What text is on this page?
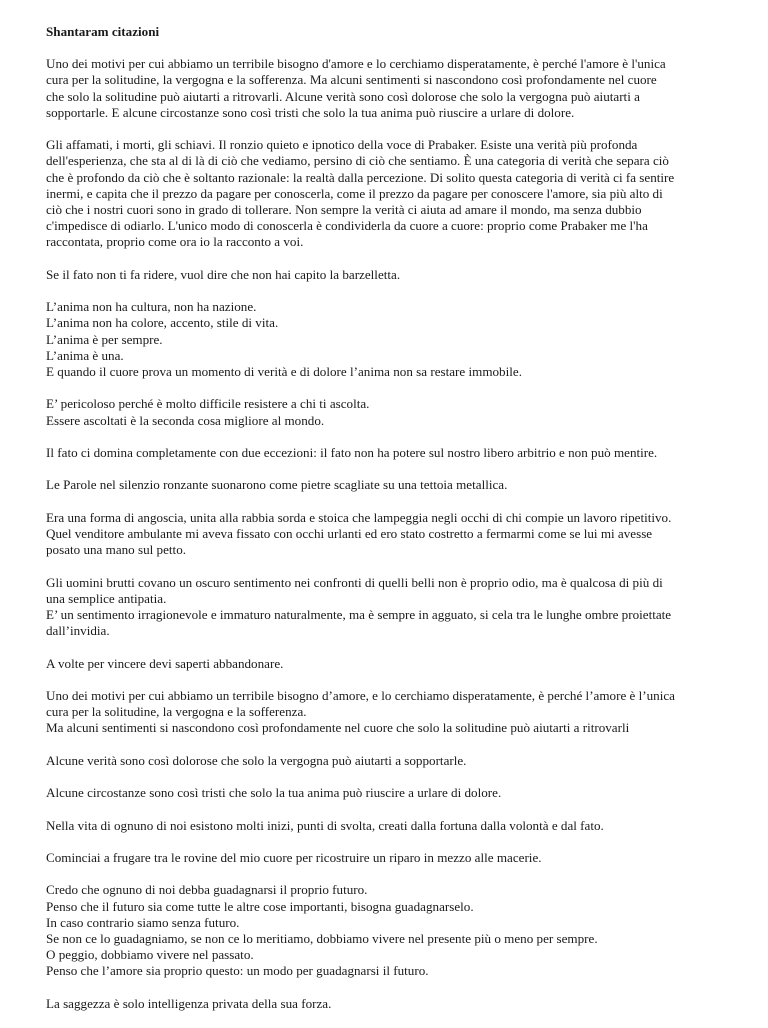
Shantaram citazioni
Uno dei motivi per cui abbiamo un terribile bisogno d'amore e lo cerchiamo disperatamente, è perché l'amore è l'unica
cura per la solitudine, la vergogna e la sofferenza. Ma alcuni sentimenti si nascondono così profondamente nel cuore
che solo la solitudine può aiutarti a ritrovarli. Alcune verità sono così dolorose che solo la vergogna può aiutarti a
sopportarle. E alcune circostanze sono così tristi che solo la tua anima può riuscire a urlare di dolore.
Gli affamati, i morti, gli schiavi. Il ronzio quieto e ipnotico della voce di Prabaker. Esiste una verità più profonda
dell'esperienza, che sta al di là di ciò che vediamo, persino di ciò che sentiamo. È una categoria di verità che separa ciò
che è profondo da ciò che è soltanto razionale: la realtà dalla percezione. Di solito questa categoria di verità ci fa sentire
inermi, e capita che il prezzo da pagare per conoscerla, come il prezzo da pagare per conoscere l'amore, sia più alto di
ciò che i nostri cuori sono in grado di tollerare. Non sempre la verità ci aiuta ad amare il mondo, ma senza dubbio
c'impedisce di odiarlo. L'unico modo di conoscerla è condividerla da cuore a cuore: proprio come Prabaker me l'ha
raccontata, proprio come ora io la racconto a voi.
Se il fato non ti fa ridere, vuol dire che non hai capito la barzelletta.
L’anima non ha cultura, non ha nazione.
L’anima non ha colore, accento, stile di vita.
L’anima è per sempre.
L’anima è una.
E quando il cuore prova un momento di verità e di dolore l’anima non sa restare immobile.
E’ pericoloso perché è molto difficile resistere a chi ti ascolta.
Essere ascoltati è la seconda cosa migliore al mondo.
Il fato ci domina completamente con due eccezioni: il fato non ha potere sul nostro libero arbitrio e non può mentire.
Le Parole nel silenzio ronzante suonarono come pietre scagliate su una tettoia metallica.
Era una forma di angoscia, unita alla rabbia sorda e stoica che lampeggia negli occhi di chi compie un lavoro ripetitivo.
Quel venditore ambulante mi aveva fissato con occhi urlanti ed ero stato costretto a fermarmi come se lui mi avesse
posato una mano sul petto.
Gli uomini brutti covano un oscuro sentimento nei confronti di quelli belli non è proprio odio, ma è qualcosa di più di
una semplice antipatia.
E’ un sentimento irragionevole e immaturo naturalmente, ma è sempre in agguato, si cela tra le lunghe ombre proiettate
dall’invidia.
A volte per vincere devi saperti abbandonare.
Uno dei motivi per cui abbiamo un terribile bisogno d’amore, e lo cerchiamo disperatamente, è perché l’amore è l’unica
cura per la solitudine, la vergogna e la sofferenza.
Ma alcuni sentimenti si nascondono così profondamente nel cuore che solo la solitudine può aiutarti a ritrovarli
Alcune verità sono così dolorose che solo la vergogna può aiutarti a sopportarle.
Alcune circostanze sono così tristi che solo la tua anima può riuscire a urlare di dolore.
Nella vita di ognuno di noi esistono molti inizi, punti di svolta, creati dalla fortuna dalla volontà e dal fato.
Cominciai a frugare tra le rovine del mio cuore per ricostruire un riparo in mezzo alle macerie.
Credo che ognuno di noi debba guadagnarsi il proprio futuro.
Penso che il futuro sia come tutte le altre cose importanti, bisogna guadagnarselo.
In caso contrario siamo senza futuro.
Se non ce lo guadagniamo, se non ce lo meritiamo, dobbiamo vivere nel presente più o meno per sempre.
O peggio, dobbiamo vivere nel passato.
Penso che l’amore sia proprio questo: un modo per guadagnarsi il futuro.
La saggezza è solo intelligenza privata della sua forza.
